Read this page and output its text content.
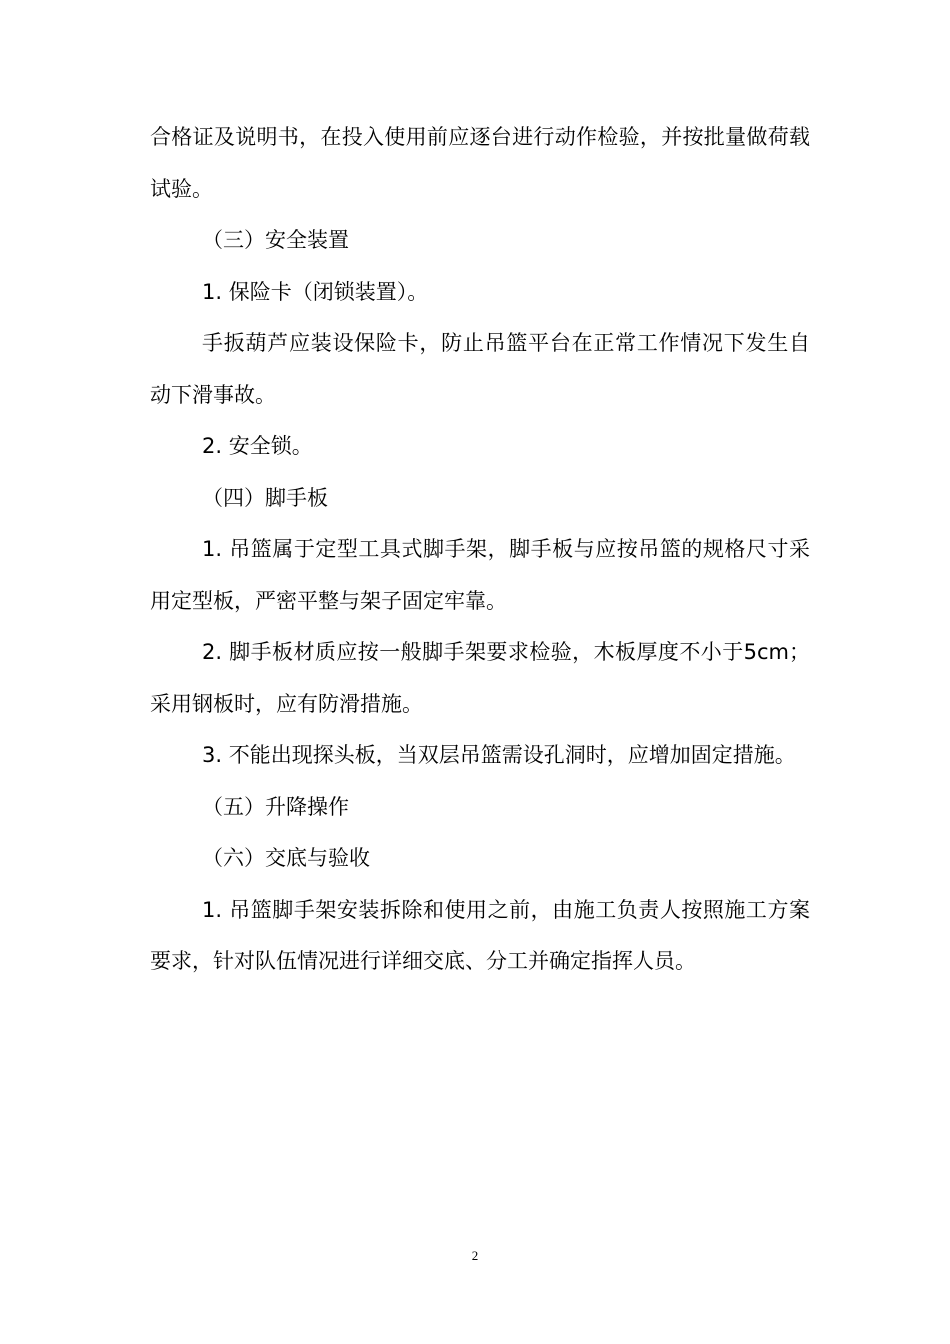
合格证及说明书，在投入使用前应逐台进行动作检验，并按批量做荷载试验。

（三）安全装置

1. 保险卡（闭锁装置）。

手扳葫芦应装设保险卡，防止吊篮平台在正常工作情况下发生自动下滑事故。

2. 安全锁。

（四）脚手板

1. 吊篮属于定型工具式脚手架，脚手板与应按吊篮的规格尺寸采用定型板，严密平整与架子固定牢靠。

2. 脚手板材质应按一般脚手架要求检验，木板厚度不小于5cm；采用钢板时，应有防滑措施。

3. 不能出现探头板，当双层吊篮需设孔洞时，应增加固定措施。

（五）升降操作

（六）交底与验收

1. 吊篮脚手架安装拆除和使用之前，由施工负责人按照施工方案要求，针对队伍情况进行详细交底、分工并确定指挥人员。

2
